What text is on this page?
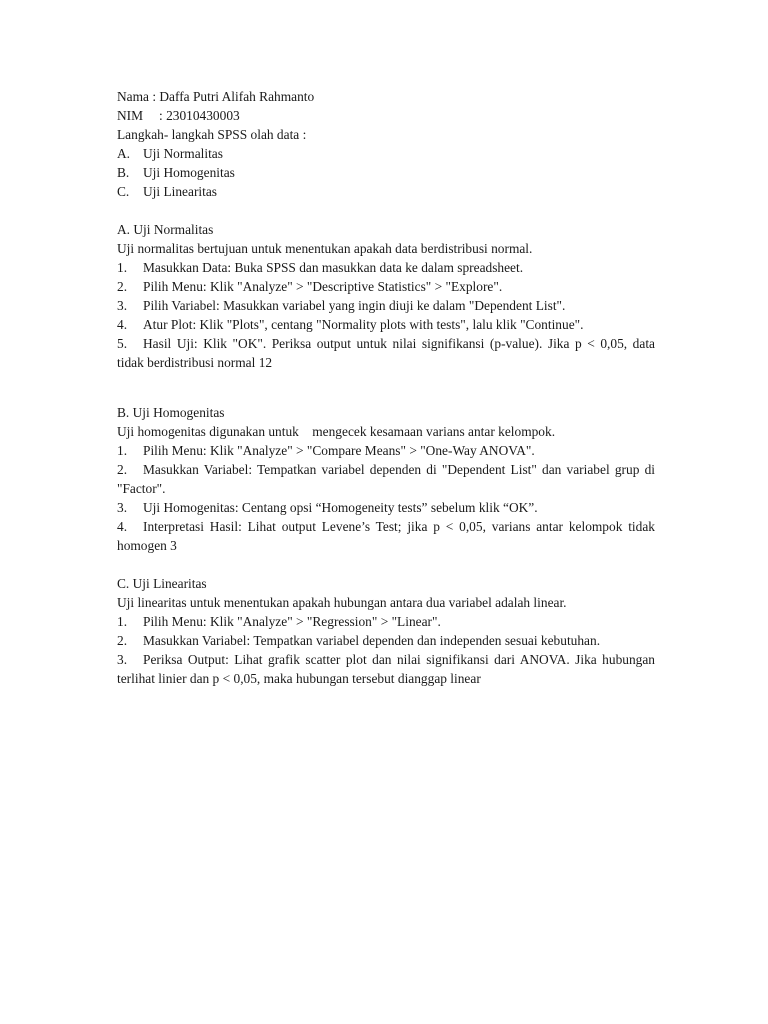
Nama : Daffa Putri Alifah Rahmanto

NIM : 23010430003

Langkah- langkah SPSS olah data :

A. Uji Normalitas
B.	Uji Homogenitas
C.	Uji Linearitas

A. Uji Normalitas

Uji normalitas bertujuan untuk menentukan apakah data berdistribusi normal.

1.	Masukkan Data: Buka SPSS dan masukkan data ke dalam spreadsheet.
2.	Pilih Menu: Klik "Analyze" > "Descriptive Statistics" > "Explore".
3.	Pilih Variabel: Masukkan variabel yang ingin diuji ke dalam "Dependent List".
4.	Atur Plot: Klik "Plots", centang "Normality plots with tests", lalu klik "Continue".
5.	Hasil Uji: Klik "OK". Periksa output untuk nilai signifikansi (p-value). Jika p < 0,05, data

tidak berdistribusi normal 12

B. Uji Homogenitas

Uji homogenitas digunakan untuk    mengecek kesamaan varians antar kelompok.

1.	Pilih Menu: Klik "Analyze" > "Compare Means" > "One-Way ANOVA".
2.	Masukkan Variabel: Tempatkan variabel dependen di "Dependent List" dan variabel grup di

"Factor".

3.	Uji Homogenitas: Centang opsi “Homogeneity tests” sebelum klik “OK”.
4.	Interpretasi Hasil: Lihat output Levene’s Test; jika p < 0,05, varians antar kelompok tidak

homogen 3

C. Uji Linearitas

Uji linearitas untuk menentukan apakah hubungan antara dua variabel adalah linear.

1.	Pilih Menu: Klik "Analyze" > "Regression" > "Linear".
2.	Masukkan Variabel: Tempatkan variabel dependen dan independen sesuai kebutuhan.
3.	Periksa Output: Lihat grafik scatter plot dan nilai signifikansi dari ANOVA. Jika hubungan

terlihat linier dan p < 0,05, maka hubungan tersebut dianggap linear
